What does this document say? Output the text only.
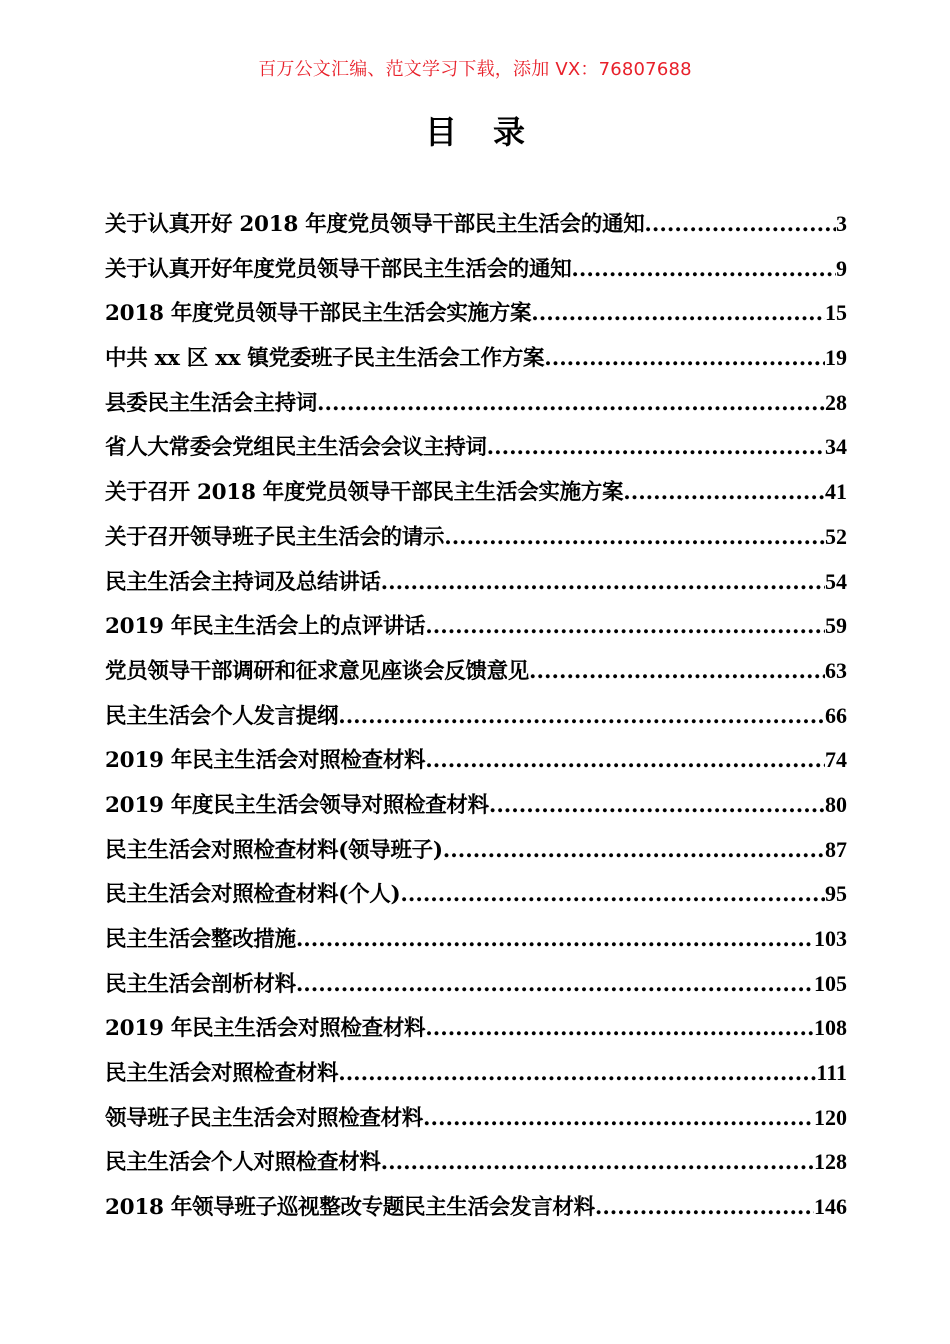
百万公文汇编、范文学习下载，添加 VX：76807688
目录
关于认真开好 2018 年度党员领导干部民主生活会的通知 .....	3
关于认真开好年度党员领导干部民主生活会的通知 .....	9
2018 年度党员领导干部民主生活会实施方案 .....	15
中共 xx 区 xx 镇党委班子民主生活会工作方案 .....	19
县委民主生活会主持词 .....	28
省人大常委会党组民主生活会会议主持词 .....	34
关于召开 2018 年度党员领导干部民主生活会实施方案 .....	41
关于召开领导班子民主生活会的请示 .....	52
民主生活会主持词及总结讲话 .....	54
2019 年民主生活会上的点评讲话 .....	59
党员领导干部调研和征求意见座谈会反馈意见 .....	63
民主生活会个人发言提纲 .....	66
2019 年民主生活会对照检查材料 .....	74
2019 年度民主生活会领导对照检查材料 .....	80
民主生活会对照检查材料(领导班子) .....	87
民主生活会对照检查材料(个人) .....	95
民主生活会整改措施 .....	103
民主生活会剖析材料 .....	105
2019 年民主生活会对照检查材料 .....	108
民主生活会对照检查材料 .....	111
领导班子民主生活会对照检查材料 .....	120
民主生活会个人对照检查材料 .....	128
2018 年领导班子巡视整改专题民主生活会发言材料 .....	146
